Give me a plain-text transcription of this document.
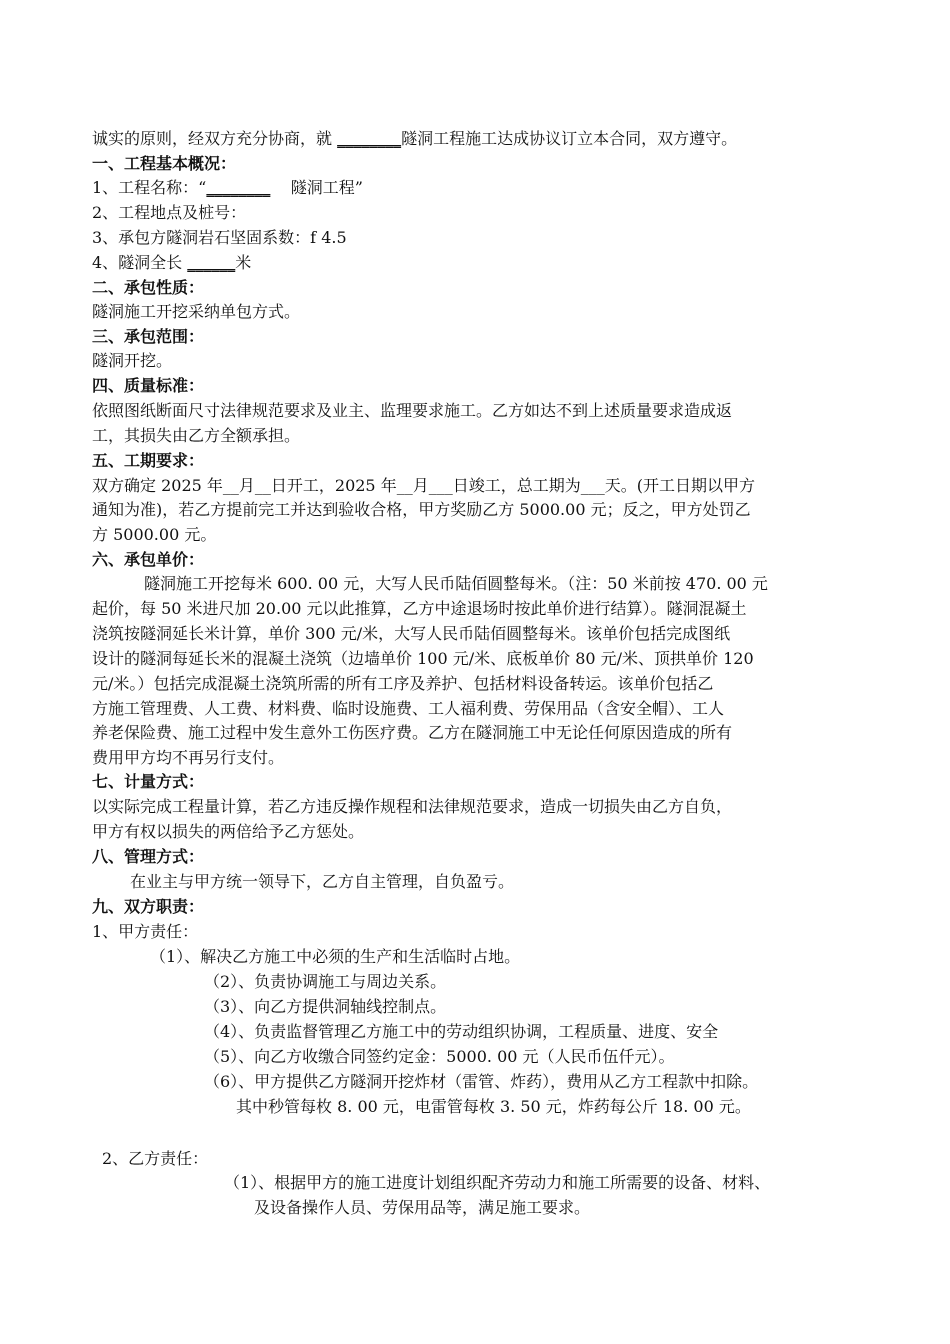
诚实的原则，经双方充分协商，就 ________隧洞工程施工达成协议订立本合同，双方遵守。
一、工程基本概况：
1、工程名称：“________ 隧洞工程”
2、工程地点及桩号：
3、承包方隧洞岩石坚固系数：f 4.5
4、隧洞全长 ______米
二、承包性质：
隧洞施工开挖采纳单包方式。
三、承包范围：
隧洞开挖。
四、质量标准：
依照图纸断面尺寸法律规范要求及业主、监理要求施工。乙方如达不到上述质量要求造成返
工，其损失由乙方全额承担。
五、工期要求：
双方确定 2025 年__月__日开工，2025 年__月___日竣工，总工期为___天。(开工日期以甲方
通知为准)，若乙方提前完工并达到验收合格，甲方奖励乙方 5000.00 元；反之，甲方处罚乙
方 5000.00 元。
六、承包单价：
隧洞施工开挖每米 600. 00 元，大写人民币陆佰圆整每米。（注：50 米前按 470. 00 元
起价，每 50 米进尺加 20.00 元以此推算，乙方中途退场时按此单价进行结算）。隧洞混凝土
浇筑按隧洞延长米计算，单价 300 元/米，大写人民币陆佰圆整每米。该单价包括完成图纸
设计的隧洞每延长米的混凝土浇筑（边墙单价 100 元/米、底板单价 80 元/米、顶拱单价 120
元/米。）包括完成混凝土浇筑所需的所有工序及养护、包括材料设备转运。该单价包括乙
方施工管理费、人工费、材料费、临时设施费、工人福利费、劳保用品（含安全帽）、工人
养老保险费、施工过程中发生意外工伤医疗费。乙方在隧洞施工中无论任何原因造成的所有
费用甲方均不再另行支付。
七、计量方式：
以实际完成工程量计算，若乙方违反操作规程和法律规范要求，造成一切损失由乙方自负，
甲方有权以损失的两倍给予乙方惩处。
八、管理方式：
在业主与甲方统一领导下，乙方自主管理，自负盈亏。
九、双方职责：
1、甲方责任：
（1）、解决乙方施工中必须的生产和生活临时占地。
（2）、负责协调施工与周边关系。
（3）、向乙方提供洞轴线控制点。
（4）、负责监督管理乙方施工中的劳动组织协调，工程质量、进度、安全
（5）、向乙方收缴合同签约定金：5000. 00 元（人民币伍仟元）。
（6）、甲方提供乙方隧洞开挖炸材（雷管、炸药），费用从乙方工程款中扣除。
其中秒管每枚 8. 00 元，电雷管每枚 3. 50 元，炸药每公斤 18. 00 元。
2、乙方责任：
（1）、根据甲方的施工进度计划组织配齐劳动力和施工所需要的设备、材料、
及设备操作人员、劳保用品等，满足施工要求。
